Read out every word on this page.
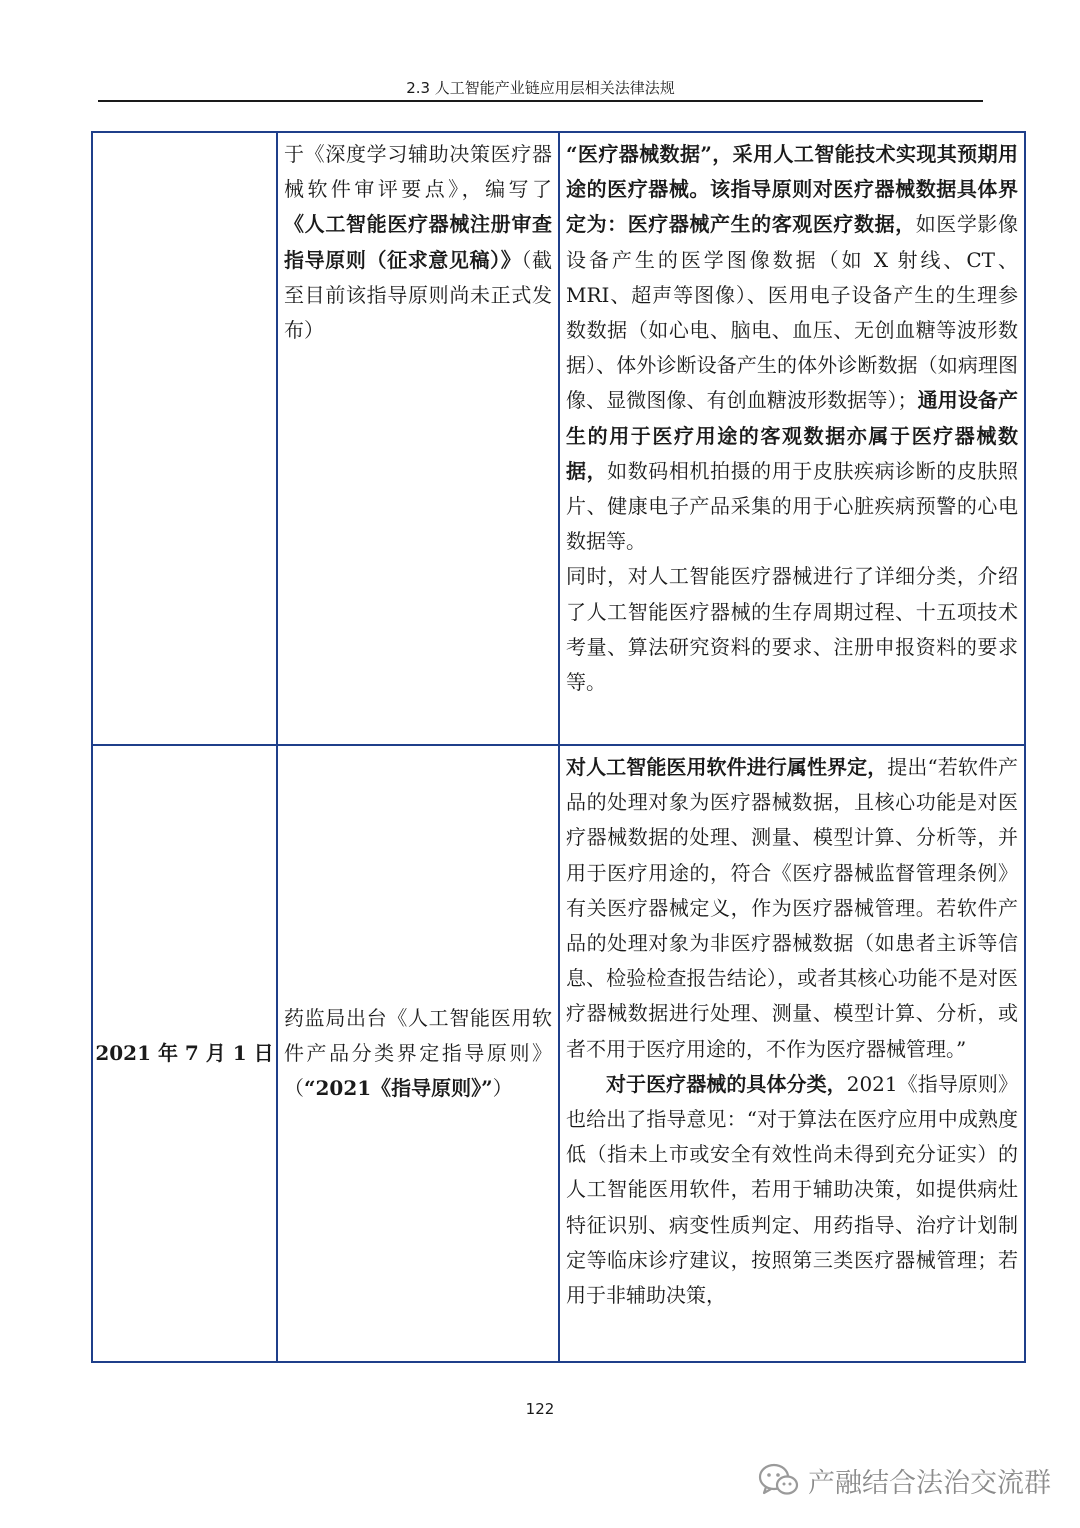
2.3 人工智能产业链应用层相关法律法规

	于《深度学习辅助决策医疗器械软件审评要点》，编写了《人工智能医疗器械注册审查指导原则（征求意见稿）》（截至目前该指导原则尚未正式发布）	“医疗器械数据”，采用人工智能技术实现其预期用途的医疗器械。该指导原则对医疗器械数据具体界定为：医疗器械产生的客观医疗数据，如医学影像设备产生的医学图像数据（如 X 射线、CT、MRI、超声等图像）、医用电子设备产生的生理参数数据（如心电、脑电、血压、无创血糖等波形数据）、体外诊断设备产生的体外诊断数据（如病理图像、显微图像、有创血糖波形数据等）；通用设备产生的用于医疗用途的客观数据亦属于医疗器械数据，如数码相机拍摄的用于皮肤疾病诊断的皮肤照片、健康电子产品采集的用于心脏疾病预警的心电数据等。

同时，对人工智能医疗器械进行了详细分类，介绍了人工智能医疗器械的生存周期过程、十五项技术考量、算法研究资料的要求、注册申报资料的要求等。

2021 年 7 月 1 日	药监局出台《人工智能医用软件产品分类界定指导原则》（“2021《指导原则》”）	对人工智能医用软件进行属性界定，提出“若软件产品的处理对象为医疗器械数据，且核心功能是对医疗器械数据的处理、测量、模型计算、分析等，并用于医疗用途的，符合《医疗器械监督管理条例》有关医疗器械定义，作为医疗器械管理。若软件产品的处理对象为非医疗器械数据（如患者主诉等信息、检验检查报告结论），或者其核心功能不是对医疗器械数据进行处理、测量、模型计算、分析，或者不用于医疗用途的，不作为医疗器械管理。”

对于医疗器械的具体分类，2021《指导原则》也给出了指导意见：“对于算法在医疗应用中成熟度低（指未上市或安全有效性尚未得到充分证实）的人工智能医用软件，若用于辅助决策，如提供病灶特征识别、病变性质判定、用药指导、治疗计划制定等临床诊疗建议，按照第三类医疗器械管理；若用于非辅助决策，

122
产融结合法治交流群
